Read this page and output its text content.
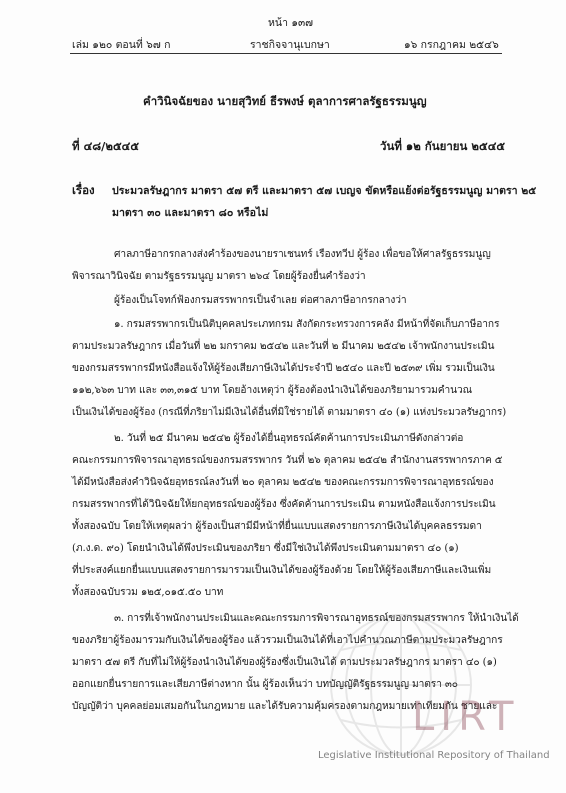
หน้า ๑๓๗
เล่ม ๑๒๐ ตอนที่ ๖๗ ก	ราชกิจจานุเบกษา	๑๖ กรกฎาคม ๒๕๔๖
คำวินิจฉัยของ นายสุวิทย์ ธีรพงษ์ ตุลาการศาลรัฐธรรมนูญ
ที่ ๔๘/๒๕๔๕	วันที่ ๑๒ กันยายน ๒๕๔๕
เรื่อง ประมวลรัษฎากร มาตรา ๕๗ ตรี และมาตรา ๕๗ เบญจ ขัดหรือแย้งต่อรัฐธรรมนูญ มาตรา ๒๕
มาตรา ๓๐ และมาตรา ๘๐ หรือไม่
ศาลภาษีอากรกลางส่งคำร้องของนายราเชนทร์ เรืองทวีป ผู้ร้อง เพื่อขอให้ศาลรัฐธรรมนูญ
พิจารณาวินิจฉัย ตามรัฐธรรมนูญ มาตรา ๒๖๔ โดยผู้ร้องยื่นคำร้องว่า
ผู้ร้องเป็นโจทก์ฟ้องกรมสรรพากรเป็นจำเลย ต่อศาลภาษีอากรกลางว่า
๑. กรมสรรพากรเป็นนิติบุคคลประเภทกรม สังกัดกระทรวงการคลัง มีหน้าที่จัดเก็บภาษีอากร
ตามประมวลรัษฎากร เมื่อวันที่ ๒๒ มกราคม ๒๕๔๒ และวันที่ ๒ มีนาคม ๒๕๔๒ เจ้าพนักงานประเมิน
ของกรมสรรพากรมีหนังสือแจ้งให้ผู้ร้องเสียภาษีเงินได้ประจำปี ๒๕๔๐ และปี ๒๕๓๙ เพิ่ม รวมเป็นเงิน
๑๑๒,๖๖๓ บาท และ ๓๓,๓๑๕ บาท โดยอ้างเหตุว่า ผู้ร้องต้องนำเงินได้ของภริยามารวมคำนวณ
เป็นเงินได้ของผู้ร้อง (กรณีที่ภริยาไม่มีเงินได้อื่นที่มิใช่รายได้ ตามมาตรา ๔๐ (๑) แห่งประมวลรัษฎากร)
๒. วันที่ ๒๕ มีนาคม ๒๕๔๒ ผู้ร้องได้ยื่นอุทธรณ์คัดค้านการประเมินภาษีดังกล่าวต่อ
คณะกรรมการพิจารณาอุทธรณ์ของกรมสรรพากร วันที่ ๒๖ ตุลาคม ๒๕๔๒ สำนักงานสรรพากรภาค ๕
ได้มีหนังสือส่งคำวินิจฉัยอุทธรณ์ลงวันที่ ๒๐ ตุลาคม ๒๕๔๒ ของคณะกรรมการพิจารณาอุทธรณ์ของ
กรมสรรพากรที่ได้วินิจฉัยให้ยกอุทธรณ์ของผู้ร้อง ซึ่งคัดค้านการประเมิน ตามหนังสือแจ้งการประเมิน
ทั้งสองฉบับ โดยให้เหตุผลว่า ผู้ร้องเป็นสามีมีหน้าที่ยื่นแบบแสดงรายการภาษีเงินได้บุคคลธรรมดา
(ภ.ง.ด. ๙๐) โดยนำเงินได้พึงประเมินของภริยา ซึ่งมีใช่เงินได้พึงประเมินตามมาตรา ๔๐ (๑)
ที่ประสงค์แยกยื่นแบบแสดงรายการมารวมเป็นเงินได้ของผู้ร้องด้วย โดยให้ผู้ร้องเสียภาษีและเงินเพิ่ม
ทั้งสองฉบับรวม ๑๒๕,๐๑๕.๕๐ บาท
๓. การที่เจ้าพนักงานประเมินและคณะกรรมการพิจารณาอุทธรณ์ของกรมสรรพากร ให้นำเงินได้
ของภริยาผู้ร้องมารวมกับเงินได้ของผู้ร้อง แล้วรวมเป็นเงินได้ที่เอาไปคำนวณภาษีตามประมวลรัษฎากร
มาตรา ๕๗ ตรี กับที่ไม่ให้ผู้ร้องนำเงินได้ของผู้ร้องซึ่งเป็นเงินได้ ตามประมวลรัษฎากร มาตรา ๔๐ (๑)
ออกแยกยื่นรายการและเสียภาษีต่างหาก นั้น ผู้ร้องเห็นว่า บทบัญญัติรัฐธรรมนูญ มาตรา ๓๐
บัญญัติว่า บุคคลย่อมเสมอกันในกฎหมาย และได้รับความคุ้มครองตามกฎหมายเท่าเทียมกัน ชายและ
LIRT
Legislative Institutional Repository of Thailand
